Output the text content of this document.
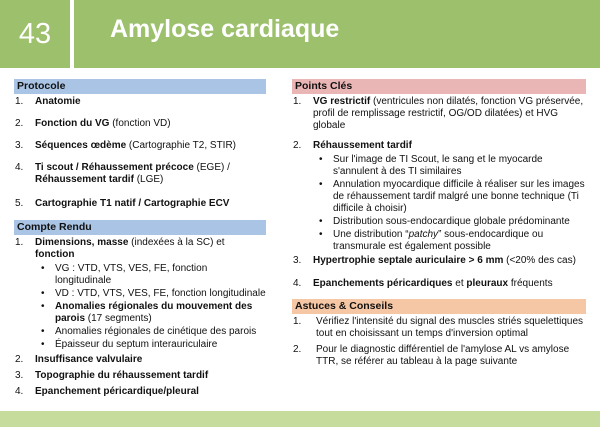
43	Amylose cardiaque
Protocole
1. Anatomie
2. Fonction du VG (fonction VD)
3. Séquences œdème (Cartographie T2, STIR)
4. Ti scout / Réhaussement précoce (EGE) /
Réhaussement tardif (LGE)
5. Cartographie T1 natif / Cartographie ECV
Compte Rendu
1. Dimensions, masse (indexées à la SC) et fonction
• VG : VTD, VTS, VES, FE, fonction longitudinale
• VD : VTD, VTS, VES, FE, fonction longitudinale
• Anomalies régionales du mouvement des parois (17 segments)
• Anomalies régionales de cinétique des parois
• Épaisseur du septum interauriculaire
2. Insuffisance valvulaire
3. Topographie du réhaussement tardif
4. Epanchement péricardique/pleural
Points Clés
1. VG restrictif (ventricules non dilatés, fonction VG préservée, profil de remplissage restrictif, OG/OD dilatées) et HVG globale
2. Réhaussement tardif
• Sur l'image de TI Scout, le sang et le myocarde s'annulent à des TI similaires
• Annulation myocardique difficile à réaliser sur les images de réhaussement tardif malgré une bonne technique (Ti difficile à choisir)
• Distribution sous-endocardique globale prédominante
• Une distribution “patchy” sous-endocardique ou transmurale est également possible
3. Hypertrophie septale auriculaire > 6 mm (<20% des cas)
4. Epanchements péricardiques et pleuraux fréquents
Astuces & Conseils
1. Vérifiez l'intensité du signal des muscles striés squelettiques tout en choisissant un temps d'inversion optimal
2. Pour le diagnostic différentiel de l'amylose AL vs amylose TTR, se référer au tableau à la page suivante
